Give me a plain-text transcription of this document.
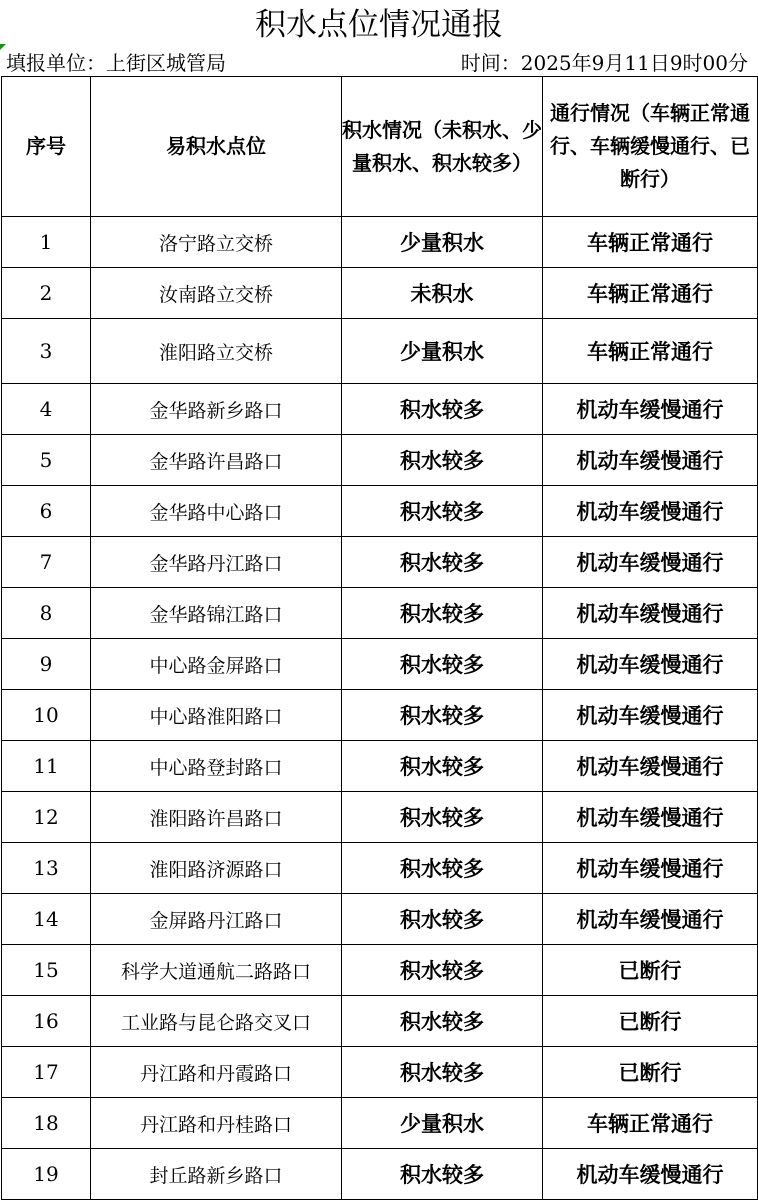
积水点位情况通报
填报单位：上街区城管局	时间：2025年9月11日9时00分
序号	易积水点位	积水情况（未积水、少量积水、积水较多）	通行情况（车辆正常通行、车辆缓慢通行、已断行）
1	洛宁路立交桥	少量积水	车辆正常通行
2	汝南路立交桥	未积水	车辆正常通行
3	淮阳路立交桥	少量积水	车辆正常通行
4	金华路新乡路口	积水较多	机动车缓慢通行
5	金华路许昌路口	积水较多	机动车缓慢通行
6	金华路中心路口	积水较多	机动车缓慢通行
7	金华路丹江路口	积水较多	机动车缓慢通行
8	金华路锦江路口	积水较多	机动车缓慢通行
9	中心路金屏路口	积水较多	机动车缓慢通行
10	中心路淮阳路口	积水较多	机动车缓慢通行
11	中心路登封路口	积水较多	机动车缓慢通行
12	淮阳路许昌路口	积水较多	机动车缓慢通行
13	淮阳路济源路口	积水较多	机动车缓慢通行
14	金屏路丹江路口	积水较多	机动车缓慢通行
15	科学大道通航二路路口	积水较多	已断行
16	工业路与昆仑路交叉口	积水较多	已断行
17	丹江路和丹霞路口	积水较多	已断行
18	丹江路和丹桂路口	少量积水	车辆正常通行
19	封丘路新乡路口	积水较多	机动车缓慢通行
